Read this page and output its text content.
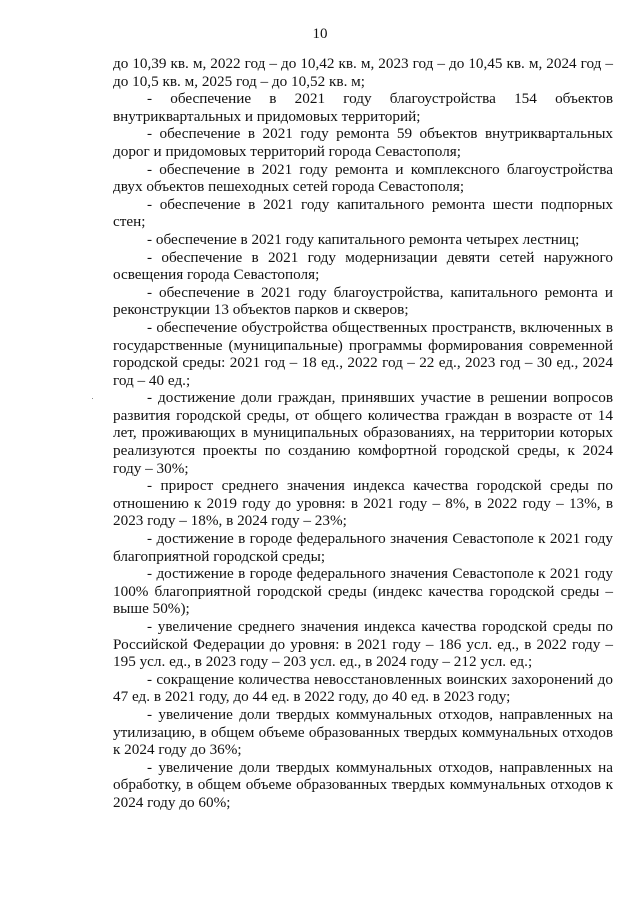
10

до 10,39 кв. м, 2022 год – до 10,42 кв. м, 2023 год – до 10,45 кв. м, 2024 год – до 10,5 кв. м, 2025 год – до 10,52 кв. м;

- обеспечение в 2021 году благоустройства 154 объектов внутриквартальных и придомовых территорий;

- обеспечение в 2021 году ремонта 59 объектов внутриквартальных дорог и придомовых территорий города Севастополя;

- обеспечение в 2021 году ремонта и комплексного благоустройства двух объектов пешеходных сетей города Севастополя;

- обеспечение в 2021 году капитального ремонта шести подпорных стен;

- обеспечение в 2021 году капитального ремонта четырех лестниц;

- обеспечение в 2021 году модернизации девяти сетей наружного освещения города Севастополя;

- обеспечение в 2021 году благоустройства, капитального ремонта и реконструкции 13 объектов парков и скверов;

- обеспечение обустройства общественных пространств, включенных в государственные (муниципальные) программы формирования современной городской среды: 2021 год – 18 ед., 2022 год – 22 ед., 2023 год – 30 ед., 2024 год – 40 ед.;

- достижение доли граждан, принявших участие в решении вопросов развития городской среды, от общего количества граждан в возрасте от 14 лет, проживающих в муниципальных образованиях, на территории которых реализуются проекты по созданию комфортной городской среды, к 2024 году – 30%;

- прирост среднего значения индекса качества городской среды по отношению к 2019 году до уровня: в 2021 году – 8%, в 2022 году – 13%, в 2023 году – 18%, в 2024 году – 23%;

- достижение в городе федерального значения Севастополе к 2021 году благоприятной городской среды;

- достижение в городе федерального значения Севастополе к 2021 году 100% благоприятной городской среды (индекс качества городской среды – выше 50%);

- увеличение среднего значения индекса качества городской среды по Российской Федерации до уровня: в 2021 году – 186 усл. ед., в 2022 году – 195 усл. ед., в 2023 году – 203 усл. ед., в 2024 году – 212 усл. ед.;

- сокращение количества невосстановленных воинских захоронений до 47 ед. в 2021 году, до 44 ед. в 2022 году, до 40 ед. в 2023 году;

- увеличение доли твердых коммунальных отходов, направленных на утилизацию, в общем объеме образованных твердых коммунальных отходов к 2024 году до 36%;

- увеличение доли твердых коммунальных отходов, направленных на обработку, в общем объеме образованных твердых коммунальных отходов к 2024 году до 60%;
